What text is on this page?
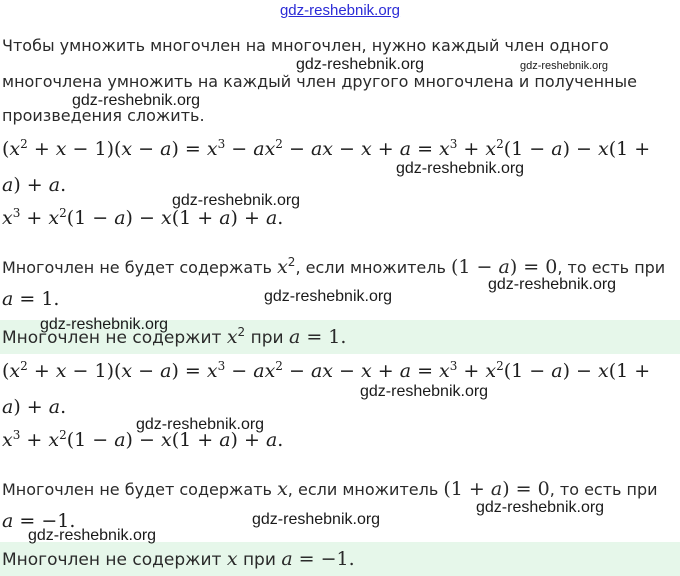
gdz-reshebnik.org
Чтобы умножить многочлен на многочлен, нужно каждый член одного
многочлена умножить на каждый член другого многочлена и полученные
произведения сложить.
$(x^2 + x - 1)(x - a) = x^3 - ax^2$ − ax − $x + a = x^3 + x^2(1 - a) - x(1$ +
a) + a.
$x^3 + x^2(1 - a) - x(1 + a) + a$.
Многочлен не будет содержать $x^2$, если множитель (1 − a) = 0, то есть при
a = 1.
Многочлен не содержит $x^2$ при a = 1.
$(x^2 + x - 1)(x - a) = x^3 - ax^2$ − ax − $x + a = x^3 + x^2(1 - a) - x(1$ +
a) + a.
$x^3 + x^2(1 - a) - x(1 + a) + a$.
Многочлен не будет содержать x, если множитель (1 + a) = 0, то есть при
a = −1.
Многочлен не содержит x при a = −1.
gdz-reshebnik.org	gdz-reshebnik.org
gdz-reshebnik.org
gdz-reshebnik.org
gdz-reshebnik.org
gdz-reshebnik.org
gdz-reshebnik.org
gdz-reshebnik.org
gdz-reshebnik.org
gdz-reshebnik.org
gdz-reshebnik.org
gdz-reshebnik.org
gdz-reshebnik.org
